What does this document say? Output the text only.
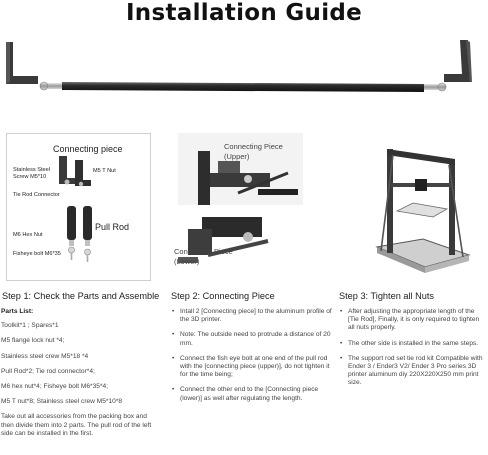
Installation Guide
Connecting piece
Stainless Steel Screw M5*10
M5 T Nut
Tie Rod Connector
M6 Hex Nut
Pull Rod
Fisheye bolt M6*35
Connecting Piece
(Upper)
Connecting Piece
(Lower)
Step 1: Check the Parts and Assemble Step 2: Connecting Piece	Step 3: Tighten all Nuts

Parts List:

Toolkit*1 ; Spares*1

M5 flange lock nut *4;

Stainless steel crew M5*18 *4

Pull Rod*2; Tie rod connector*4;

M6 hex nut*4; Fisheye bolt M6*35*4;

M5 T nut*8; Stainless steel crew M5*10*8

Take out all accessories from the packing box and then divide them into 2 parts. The pull rod of the left side can be installed in the first.

• Intall 2 [Connecting piece] to the aluminum profile of the 3D printer.
• Note: The outside need to protrude a distance of 20 mm.
• Connect the fish eye bolt at one end of the pull rod with the [connecting piece (upper)], do not tighten it for the time being;
• Connect the other end to the [Connecting piece (lower)] as well after regulating the length.
• After adjusting the appropriate length of the [Tie Rod], Finally, it is only required to tighten all nuts properly.
• The other side is installed in the same steps.
• The support rod set tie rod kit Compatible with Ender 3 / Ender3 V2/ Ender 3 Pro series 3D printer aluminum diy 220X220X250 mm print size.
